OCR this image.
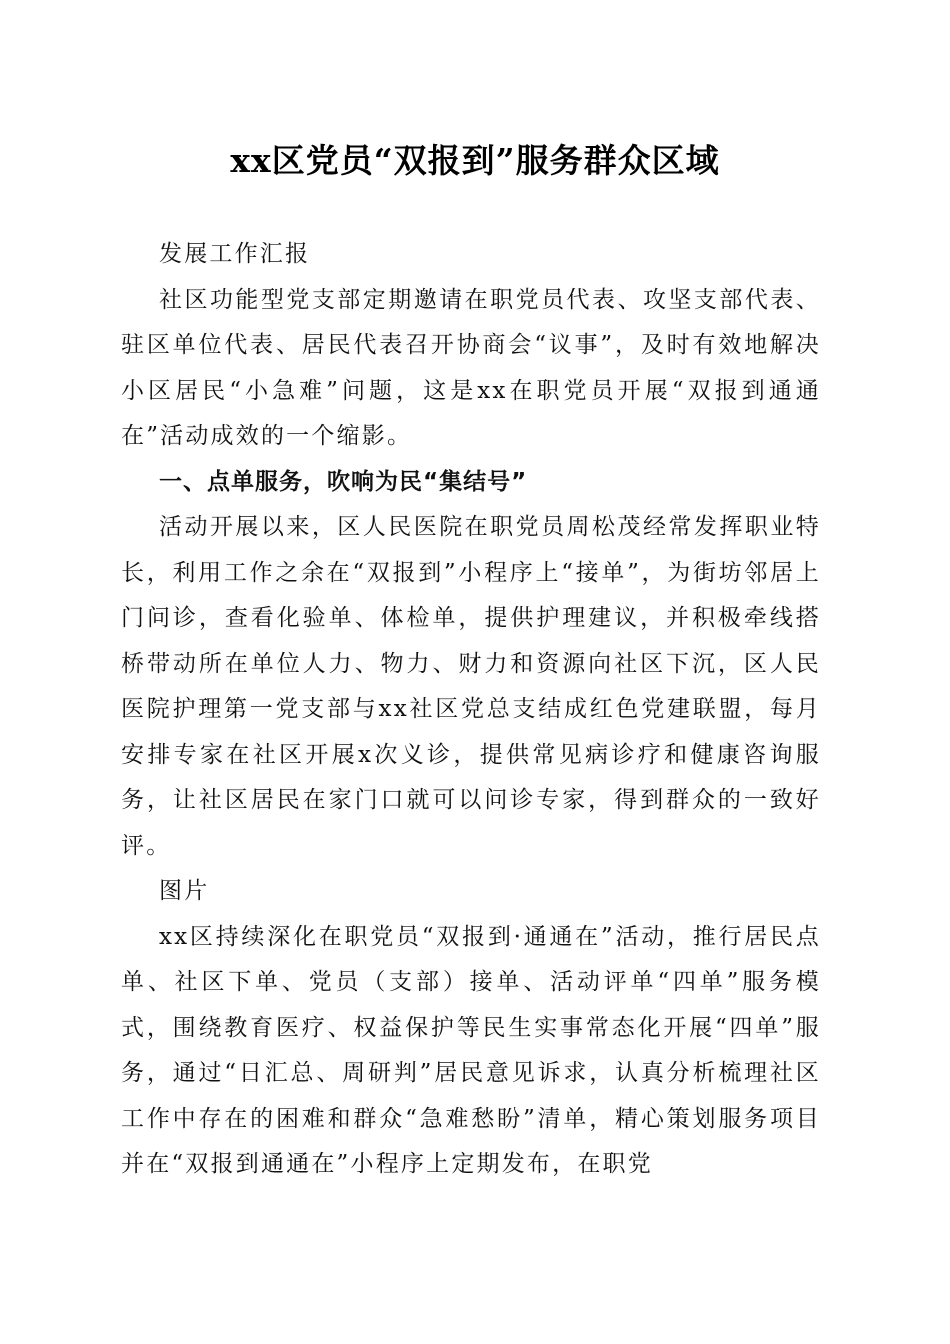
xx区党员“双报到”服务群众区域

发展工作汇报

社区功能型党支部定期邀请在职党员代表、攻坚支部代表、驻区单位代表、居民代表召开协商会“议事”，及时有效地解决小区居民“小急难”问题，这是xx在职党员开展“双报到通通在”活动成效的一个缩影。

一、点单服务，吹响为民“集结号”

活动开展以来，区人民医院在职党员周松茂经常发挥职业特长，利用工作之余在“双报到”小程序上“接单”，为街坊邻居上门问诊，查看化验单、体检单，提供护理建议，并积极牵线搭桥带动所在单位人力、物力、财力和资源向社区下沉，区人民医院护理第一党支部与xx社区党总支结成红色党建联盟，每月安排专家在社区开展x次义诊，提供常见病诊疗和健康咨询服务，让社区居民在家门口就可以问诊专家，得到群众的一致好评。

图片

xx区持续深化在职党员“双报到·通通在”活动，推行居民点单、社区下单、党员（支部）接单、活动评单“四单”服务模式，围绕教育医疗、权益保护等民生实事常态化开展“四单”服务，通过“日汇总、周研判”居民意见诉求，认真分析梳理社区工作中存在的困难和群众“急难愁盼”清单，精心策划服务项目并在“双报到通通在”小程序上定期发布，在职党
